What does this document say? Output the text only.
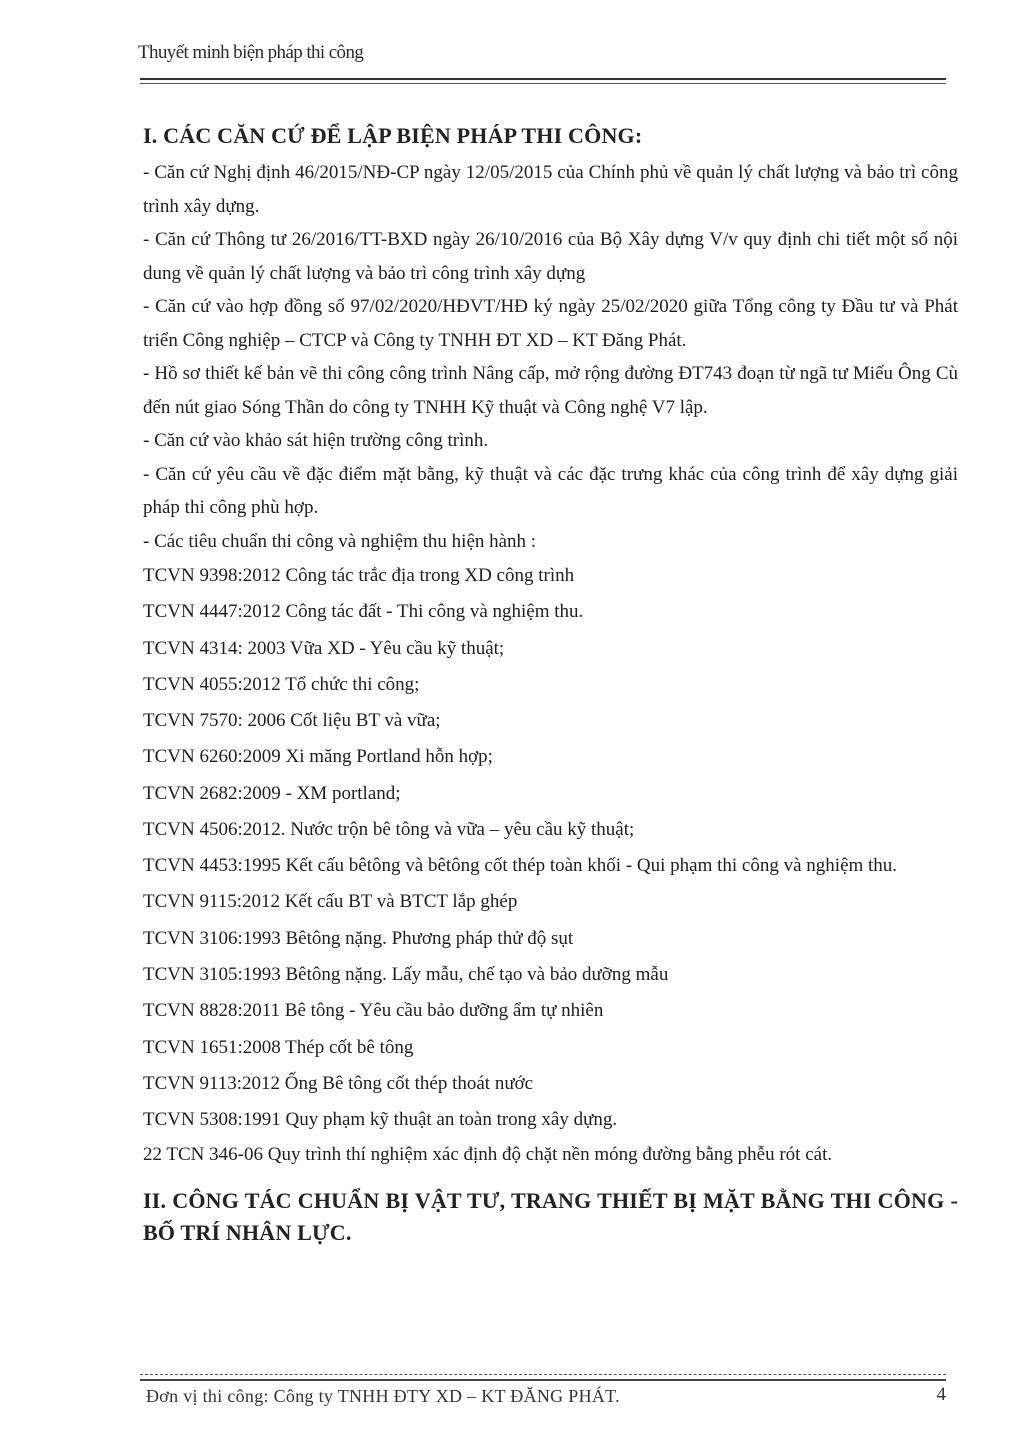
Thuyết minh biện pháp thi công
I. CÁC CĂN CỨ ĐỂ LẬP BIỆN PHÁP THI CÔNG:

- Căn cứ Nghị định 46/2015/NĐ-CP ngày 12/05/2015 của Chính phủ về quản lý chất lượng và bảo trì công trình xây dựng.

- Căn cứ Thông tư 26/2016/TT-BXD ngày 26/10/2016 của Bộ Xây dựng V/v quy định chi tiết một số nội dung về quản lý chất lượng và bảo trì công trình xây dựng

- Căn cứ vào hợp đồng số 97/02/2020/HĐVT/HĐ ký ngày 25/02/2020 giữa Tổng công ty Đầu tư và Phát triển Công nghiệp – CTCP và Công ty TNHH ĐT XD – KT Đăng Phát.

- Hồ sơ thiết kế bản vẽ thi công công trình Nâng cấp, mở rộng đường ĐT743 đoạn từ ngã tư Miếu Ông Cù đến nút giao Sóng Thần do công ty TNHH Kỹ thuật và Công nghệ V7 lập.

- Căn cứ vào khảo sát hiện trường công trình.

- Căn cứ yêu cầu về đặc điểm mặt bằng, kỹ thuật và các đặc trưng khác của công trình để xây dựng giải pháp thi công phù hợp.

- Các tiêu chuẩn thi công và nghiệm thu hiện hành :

TCVN 9398:2012 Công tác trắc địa trong XD công trình

TCVN 4447:2012 Công tác đất - Thi công và nghiệm thu.

TCVN 4314: 2003 Vữa XD - Yêu cầu kỹ thuật;

TCVN 4055:2012 Tổ chức thi công;

TCVN 7570: 2006 Cốt liệu BT và vữa;

TCVN 6260:2009 Xi măng Portland hỗn hợp;

TCVN 2682:2009 - XM portland;

TCVN 4506:2012. Nước trộn bê tông và vữa – yêu cầu kỹ thuật;

TCVN 4453:1995 Kết cấu bêtông và bêtông cốt thép toàn khối - Qui phạm thi công và nghiệm thu.

TCVN 9115:2012 Kết cấu BT và BTCT lắp ghép

TCVN 3106:1993 Bêtông nặng. Phương pháp thử độ sụt

TCVN 3105:1993 Bêtông nặng. Lấy mẫu, chế tạo và bảo dưỡng mẫu

TCVN 8828:2011 Bê tông - Yêu cầu bảo dưỡng ẩm tự nhiên

TCVN 1651:2008 Thép cốt bê tông

TCVN 9113:2012 Ống Bê tông cốt thép thoát nước

TCVN 5308:1991 Quy phạm kỹ thuật an toàn trong xây dựng.

22 TCN 346-06 Quy trình thí nghiệm xác định độ chặt nền móng đường bằng phễu rót cát.

II. CÔNG TÁC CHUẨN BỊ VẬT TƯ, TRANG THIẾT BỊ MẶT BẰNG THI CÔNG - BỐ TRÍ NHÂN LỰC.
Đơn vị thi công: Công ty TNHH ĐTY XD – KT ĐĂNG PHÁT.	4
